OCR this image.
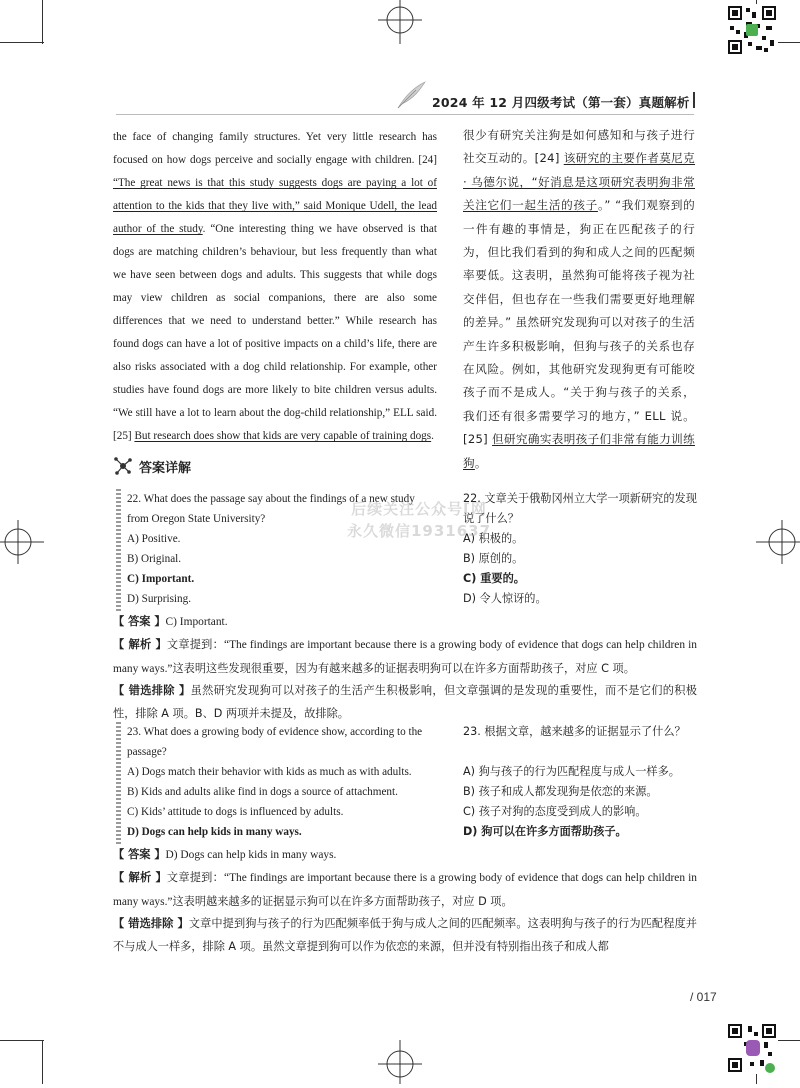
2024 年 12 月四级考试（第一套）真题解析
the face of changing family structures. Yet very little research has focused on how dogs perceive and socially engage with children. [24] “The great news is that this study suggests dogs are paying a lot of attention to the kids that they live with,” said Monique Udell, the lead author of the study. “One interesting thing we have observed is that dogs are matching children’s behaviour, but less frequently than what we have seen between dogs and adults. This suggests that while dogs may view children as social companions, there are also some differences that we need to understand better.” While research has found dogs can have a lot of positive impacts on a child’s life, there are also risks associated with a dog child relationship. For example, other studies have found dogs are more likely to bite children versus adults. “We still have a lot to learn about the dog-child relationship,” ELL said. [25] But research does show that kids are very capable of training dogs.
很少有研究关注狗是如何感知和与孩子进行社交互动的。[24] 该研究的主要作者莫尼克 · 乌德尔说，“好消息是这项研究表明狗非常关注它们一起生活的孩子。” “我们观察到的一件有趣的事情是，狗正在匹配孩子的行为，但比我们看到的狗和成人之间的匹配频率要低。这表明，虽然狗可能将孩子视为社交伴侣，但也存在一些我们需要更好地理解的差异。” 虽然研究发现狗可以对孩子的生活产生许多积极影响，但狗与孩子的关系也存在风险。例如，其他研究发现狗更有可能咬孩子而不是成人。“关于狗与孩子的关系，我们还有很多需要学习的地方，” ELL 说。[25] 但研究确实表明孩子们非常有能力训练狗。
答案详解
22. What does the passage say about the findings of a new study from Oregon State University?
A) Positive.
B) Original.
C) Important.
D) Surprising.
22. 文章关于俄勒冈州立大学一项新研究的发现说了什么？
A) 积极的。
B) 原创的。
C) 重要的。
D) 令人惊讶的。
后续关注公众号[网
永久微信1931637
【 答案 】C) Important.
【 解析 】文章提到：“The findings are important because there is a growing body of evidence that dogs can help children in many ways.”这表明这些发现很重要，因为有越来越多的证据表明狗可以在许多方面帮助孩子，对应 C 项。
【 错选排除 】虽然研究发现狗可以对孩子的生活产生积极影响，但文章强调的是发现的重要性，而不是它们的积极性，排除 A 项。B、D 两项并未提及，故排除。
23. What does a growing body of evidence show, according to the passage?
A) Dogs match their behavior with kids as much as with adults.
B) Kids and adults alike find in dogs a source of attachment.
C) Kids’ attitude to dogs is influenced by adults.
D) Dogs can help kids in many ways.
23. 根据文章，越来越多的证据显示了什么？
A) 狗与孩子的行为匹配程度与成人一样多。
B) 孩子和成人都发现狗是依恋的来源。
C) 孩子对狗的态度受到成人的影响。
D) 狗可以在许多方面帮助孩子。
【 答案 】D) Dogs can help kids in many ways.
【 解析 】文章提到：“The findings are important because there is a growing body of evidence that dogs can help children in many ways.”这表明越来越多的证据显示狗可以在许多方面帮助孩子，对应 D 项。
【 错选排除 】文章中提到狗与孩子的行为匹配频率低于狗与成人之间的匹配频率。这表明狗与孩子的行为匹配程度并不与成人一样多，排除 A 项。虽然文章提到狗可以作为依恋的来源，但并没有特别指出孩子和成人都
/ 017
